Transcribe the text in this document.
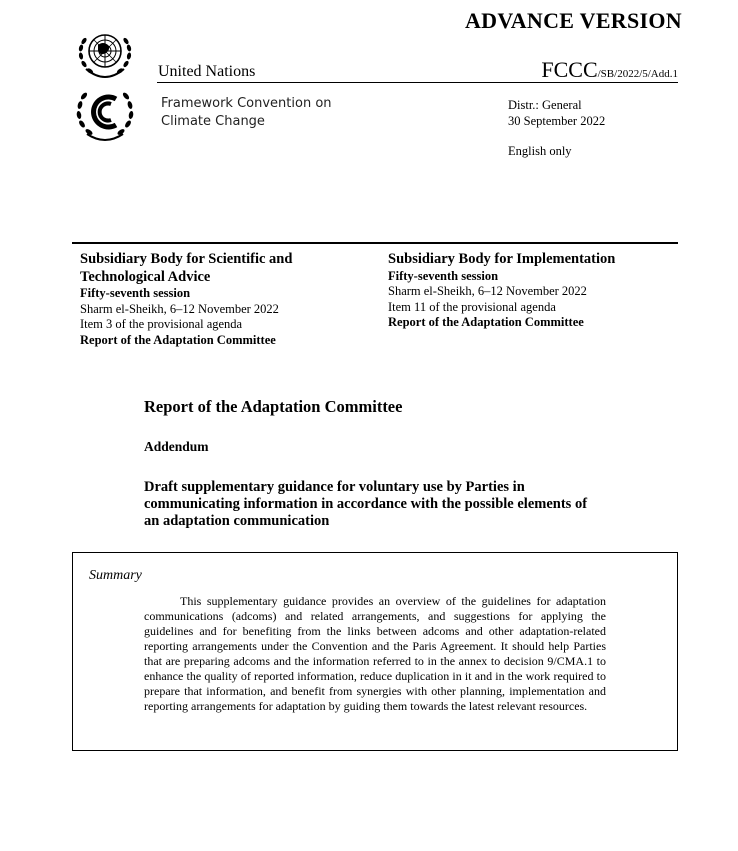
ADVANCE VERSION
United Nations
Framework Convention on
Climate Change
FCCC/SB/2022/5/Add.1
Distr.: General
30 September 2022
English only
Subsidiary Body for Scientific and
Technological Advice
Fifty-seventh session
Sharm el-Sheikh, 6–12 November 2022
Item 3 of the provisional agenda
Report of the Adaptation Committee
Subsidiary Body for Implementation
Fifty-seventh session
Sharm el-Sheikh, 6–12 November 2022
Item 11 of the provisional agenda
Report of the Adaptation Committee
Report of the Adaptation Committee
Addendum
Draft supplementary guidance for voluntary use by Parties in
communicating information in accordance with the possible elements of
an adaptation communication
Summary

This supplementary guidance provides an overview of the guidelines for adaptation communications (adcoms) and related arrangements, and suggestions for applying the guidelines and for benefiting from the links between adcoms and other adaptation-related reporting arrangements under the Convention and the Paris Agreement. It should help Parties that are preparing adcoms and the information referred to in the annex to decision 9/CMA.1 to enhance the quality of reported information, reduce duplication in it and in the work required to prepare that information, and benefit from synergies with other planning, implementation and reporting arrangements for adaptation by guiding them towards the latest relevant resources.
